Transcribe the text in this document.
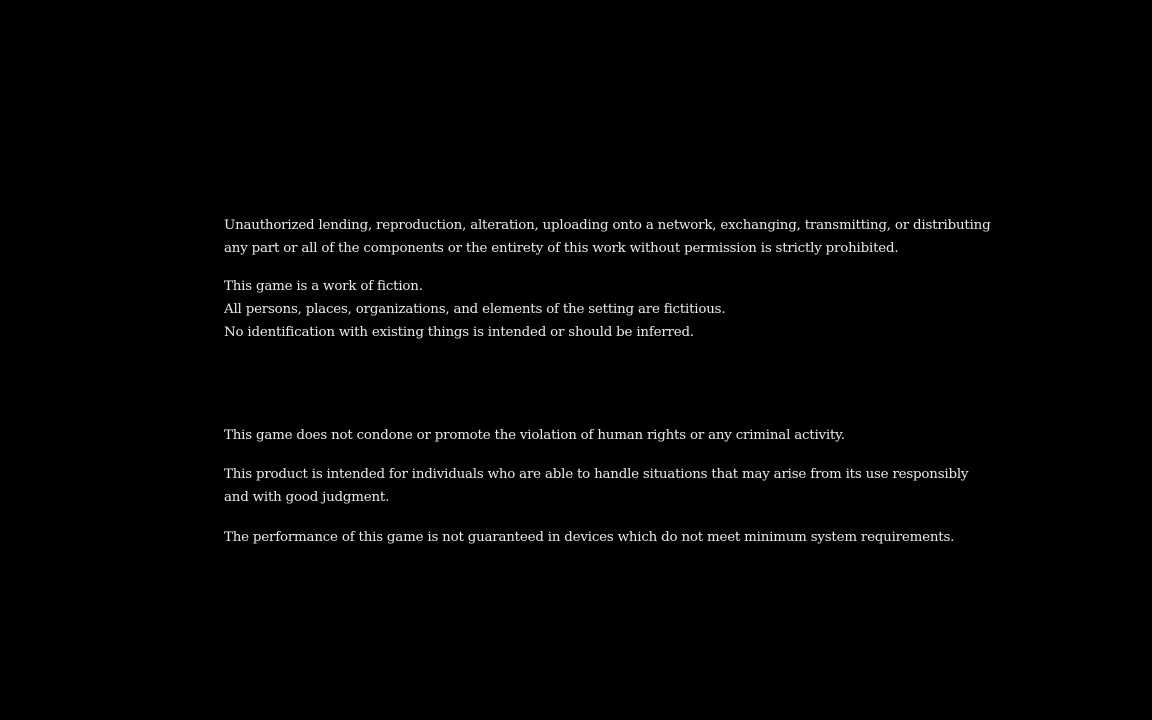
Unauthorized lending, reproduction, alteration, uploading onto a network, exchanging, transmitting, or distributing
any part or all of the components or the entirety of this work without permission is strictly prohibited.

This game is a work of fiction.
All persons, places, organizations, and elements of the setting are fictitious.
No identification with existing things is intended or should be inferred.

This game does not condone or promote the violation of human rights or any criminal activity.

This product is intended for individuals who are able to handle situations that may arise from its use responsibly
and with good judgment.

The performance of this game is not guaranteed in devices which do not meet minimum system requirements.
